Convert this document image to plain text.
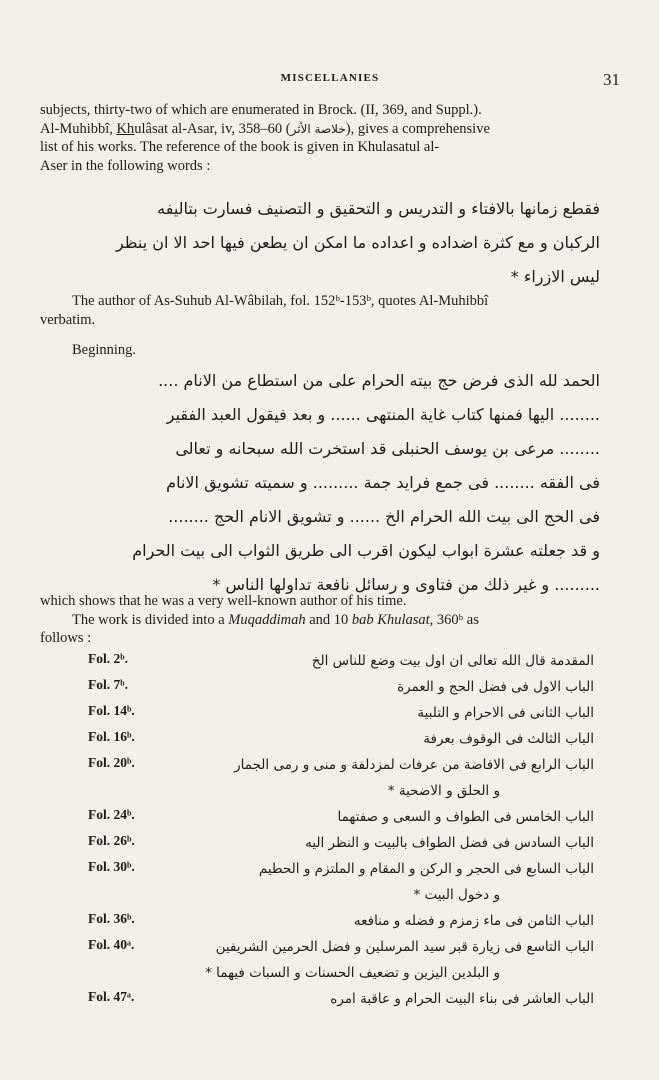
MISCELLANIES	31

subjects, thirty-two of which are enumerated in Brock. (II, 369, and Suppl.).

Al-Muhibbî, Khulâsat al-Asar, iv, 358–60 (خلاصة الأثر), gives a comprehensive

list of his works. The reference of the book is given in Khulasatul al-

Aser in the following words :

فقطع زمانها بالافتاء و التدريس و التحقيق و التصنيف فسارت بتاليفه
الركبان و مع كثرة اضداده و اعداده ما امكن ان يطعن فيها احد الا ان ينظر
ليس الازراء *

The author of As-Suhub Al-Wâbilah, fol. 152ᵇ-153ᵇ, quotes Al-Muhibbî

verbatim.

Beginning.

الحمد لله الذى فرض حج بيته الحرام على من استطاع من الانام ....
........ اليها فمنها كتاب غاية المنتهى ...... و بعد فيقول العبد الفقير
........ مرعى بن يوسف الحنبلى قد استخرت الله سبحانه و تعالى
فى الفقه ........ فى جمع فرايد جمة ......... و سميته تشويق الانام
فى الحج الى بيت الله الحرام الخ ...... و تشويق الانام الحج ........
و قد جعلته عشرة ابواب ليكون اقرب الى طريق الثواب الى بيت الحرام
......... و غير ذلك من فتاوى و رسائل نافعة تداولها الناس *

which shows that he was a very well-known author of his time.

The work is divided into a Muqaddimah and 10 bab Khulasat, 360ᵇ as

follows :

Fol. 2ᵇ.	المقدمة قال الله تعالى ان اول بيت وضع للناس الخ
Fol. 7ᵇ.	الباب الاول فى فضل الحج و العمرة
Fol. 14ᵇ.	الباب الثانى فى الاحرام و التلبية
Fol. 16ᵇ.	الباب الثالث فى الوقوف بعرفة
Fol. 20ᵇ.	الباب الرابع فى الافاضة من عرفات لمزدلفة و منى و رمى الجمار
و الحلق و الاضحية *
Fol. 24ᵇ.	الباب الخامس فى الطواف و السعى و صفتهما
Fol. 26ᵇ.	الباب السادس فى فضل الطواف بالبيت و النظر اليه
Fol. 30ᵇ.	الباب السابع فى الحجر و الركن و المقام و الملتزم و الحطيم
و دخول البيت *
Fol. 36ᵇ.	الباب الثامن فى ماء زمزم و فضله و منافعه
Fol. 40ᵃ.	الباب التاسع فى زيارة قبر سيد المرسلين و فضل الحرمين الشريفين
و البلدين اليزين و تضعيف الحسنات و السبات فيهما *
Fol. 47ᵃ.	الباب العاشر فى بناء البيت الحرام و عاقبة امره
